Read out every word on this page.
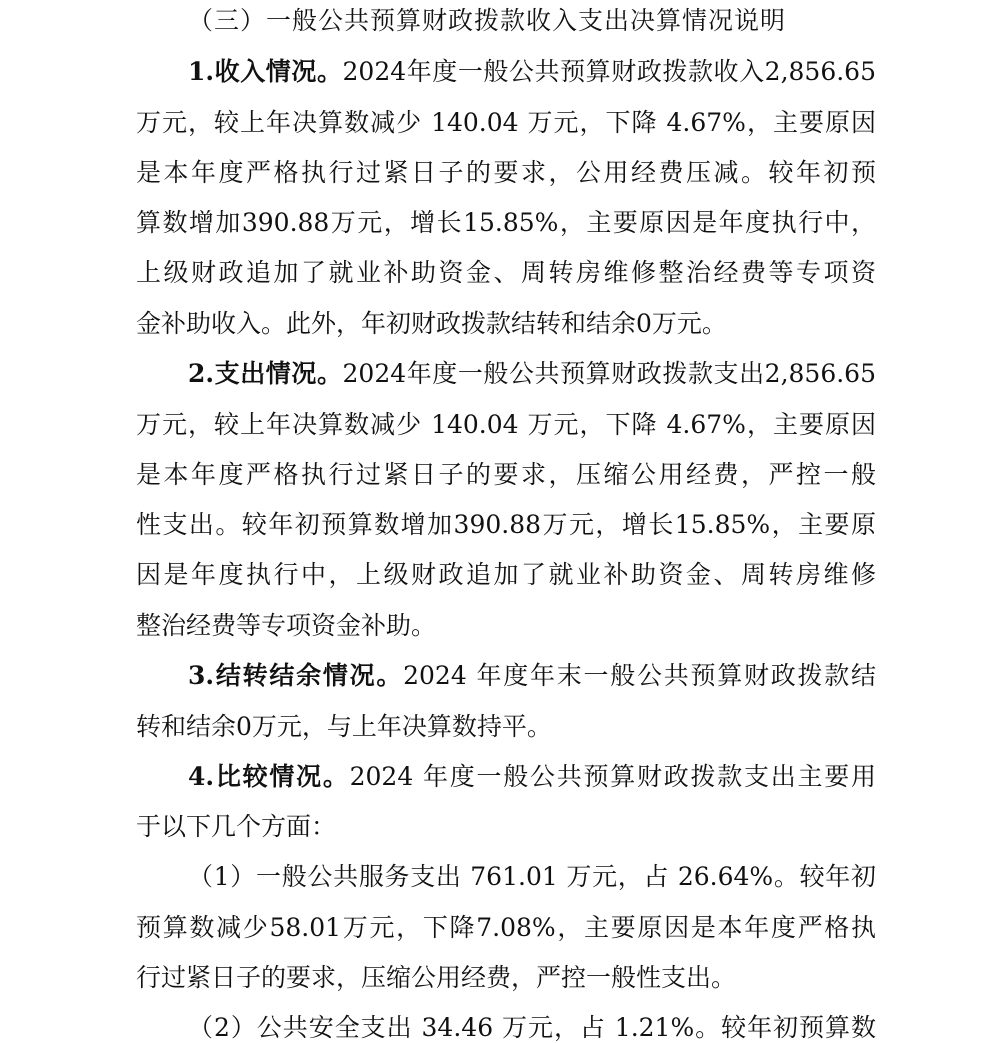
（三）一般公共预算财政拨款收入支出决算情况说明
1.收入情况。2024年度一般公共预算财政拨款收入2,856.65
万元，较上年决算数减少 140.04 万元，下降 4.67%，主要原因
是本年度严格执行过紧日子的要求，公用经费压减。较年初预
算数增加390.88万元，增长15.85%，主要原因是年度执行中，
上级财政追加了就业补助资金、周转房维修整治经费等专项资
金补助收入。此外，年初财政拨款结转和结余0万元。
2.支出情况。2024年度一般公共预算财政拨款支出2,856.65
万元，较上年决算数减少 140.04 万元，下降 4.67%，主要原因
是本年度严格执行过紧日子的要求，压缩公用经费，严控一般
性支出。较年初预算数增加390.88万元，增长15.85%，主要原
因是年度执行中，上级财政追加了就业补助资金、周转房维修
整治经费等专项资金补助。
3.结转结余情况。2024 年度年末一般公共预算财政拨款结
转和结余0万元，与上年决算数持平。
4.比较情况。2024 年度一般公共预算财政拨款支出主要用
于以下几个方面：
（1）一般公共服务支出 761.01 万元，占 26.64%。较年初
预算数减少58.01万元，下降7.08%，主要原因是本年度严格执
行过紧日子的要求，压缩公用经费，严控一般性支出。
（2）公共安全支出 34.46 万元，占 1.21%。较年初预算数
